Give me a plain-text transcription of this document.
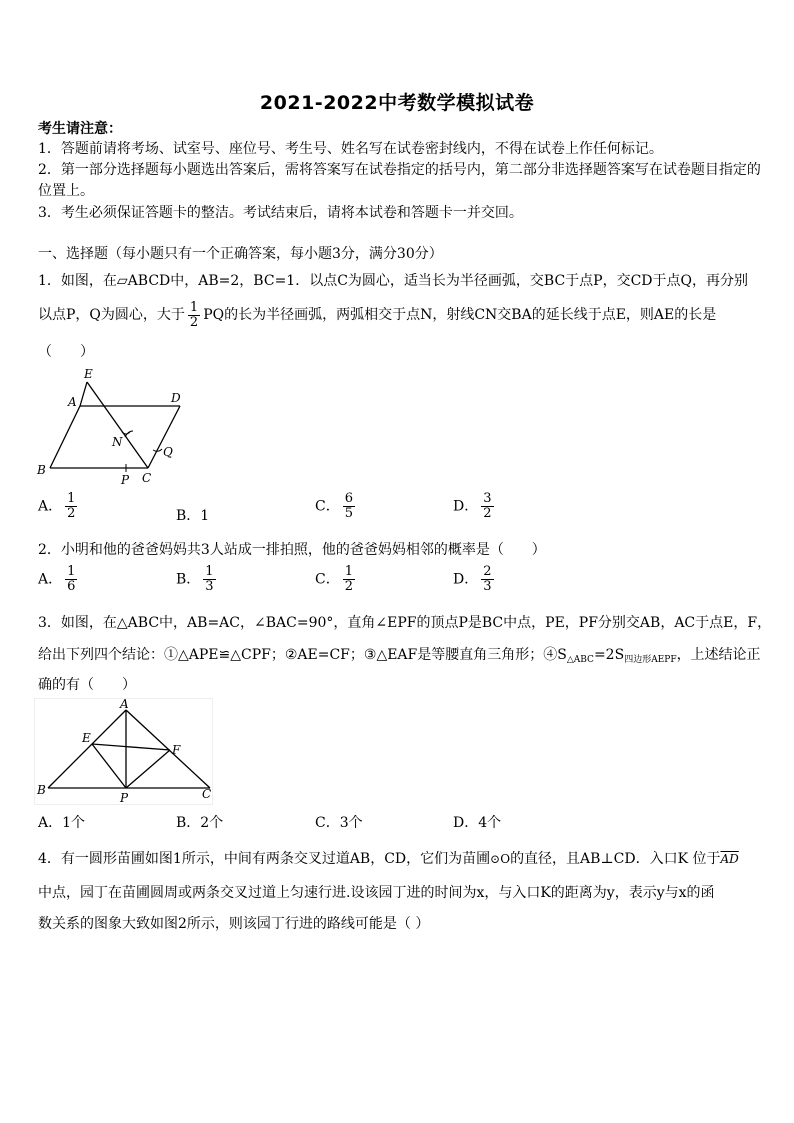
2021-2022中考数学模拟试卷
考生请注意：
1．答题前请将考场、试室号、座位号、考生号、姓名写在试卷密封线内，不得在试卷上作任何标记。
2．第一部分选择题每小题选出答案后，需将答案写在试卷指定的括号内，第二部分非选择题答案写在试卷题目指定的
位置上。
3．考生必须保证答题卡的整洁。考试结束后，请将本试卷和答题卡一并交回。
一、选择题（每小题只有一个正确答案，每小题3分，满分30分）
1．如图，在▱ABCD中，AB=2，BC=1．以点C为圆心，适当长为半径画弧，交BC于点P，交CD于点Q，再分别
以点P，Q为圆心，大于 $\frac{1}{2}$ PQ的长为半径画弧，两弧相交于点N，射线CN交BA的延长线于点E，则AE的长是
（　　）
E
A	D
N
Q
B
P C
A． $\frac{1}{2}$	B．1
C． $\frac{6}{5}$	D． $\frac{3}{2}$
2．小明和他的爸爸妈妈共3人站成一排拍照，他的爸爸妈妈相邻的概率是（　　）
A． $\frac{1}{6}$	B． $\frac{1}{3}$	C． $\frac{1}{2}$	D． $\frac{2}{3}$
3．如图，在△ABC中，AB=AC，∠BAC=90°，直角∠EPF的顶点P是BC中点，PE，PF分别交AB，AC于点E，F，
给出下列四个结论：①△APE≌△CPF；②AE=CF；③△EAF是等腰直角三角形；$④S_{\triangle ABC}=2S_{四边形AEPF}$，上述结论正
确的有（　　）
A
E
F
B
P	C
A．1个	B．2个	C．3个	D．4个
4．有一圆形苗圃如图1所示，中间有两条交叉过道AB，CD，它们为苗圃⊙O的直径，且AB⊥CD．入口K 位于$\overline{AD}$
中点，园丁在苗圃圆周或两条交叉过道上匀速行进.设该园丁进的时间为x，与入口K的距离为y，表示y与x的函
数关系的图象大致如图2所示，则该园丁行进的路线可能是（ ）
